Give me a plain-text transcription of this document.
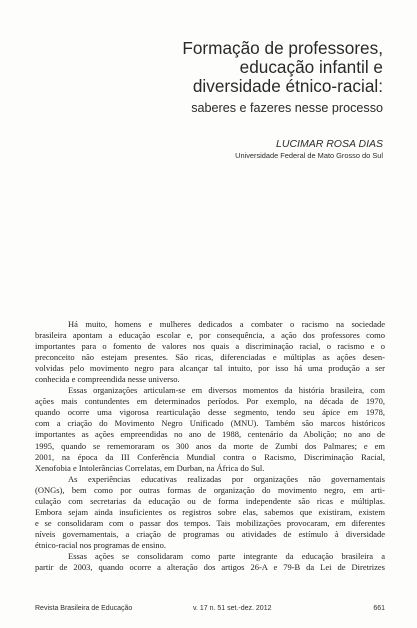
Formação de professores,
educação infantil e
diversidade étnico-racial:
saberes e fazeres nesse processo
LUCIMAR ROSA DIAS
Universidade Federal de Mato Grosso do Sul
Há muito, homens e mulheres dedicados a combater o racismo na sociedade
brasileira apontam a educação escolar e, por consequência, a ação dos professores como
importantes para o fomento de valores nos quais a discriminação racial, o racismo e o
preconceito não estejam presentes. São ricas, diferenciadas e múltiplas as ações desen-
volvidas pelo movimento negro para alcançar tal intuito, por isso há uma produção a ser
conhecida e compreendida nesse universo.
Essas organizações articulam-se em diversos momentos da história brasileira, com
ações mais contundentes em determinados períodos. Por exemplo, na década de 1970,
quando ocorre uma vigorosa rearticulação desse segmento, tendo seu ápice em 1978,
com a criação do Movimento Negro Unificado (MNU). Também são marcos históricos
importantes as ações empreendidas no ano de 1988, centenário da Abolição; no ano de
1995, quando se rememoraram os 300 anos da morte de Zumbi dos Palmares; e em
2001, na época da III Conferência Mundial contra o Racismo, Discriminação Racial,
Xenofobia e Intolerâncias Correlatas, em Durban, na África do Sul.
As experiências educativas realizadas por organizações não governamentais
(ONGs), bem como por outras formas de organização do movimento negro, em arti-
culação com secretarias da educação ou de forma independente são ricas e múltiplas.
Embora sejam ainda insuficientes os registros sobre elas, sabemos que existiram, existem
e se consolidaram com o passar dos tempos. Tais mobilizações provocaram, em diferentes
níveis governamentais, a criação de programas ou atividades de estímulo à diversidade
étnico-racial nos programas de ensino.
Essas ações se consolidaram como parte integrante da educação brasileira a
partir de 2003, quando ocorre a alteração dos artigos 26-A e 79-B da Lei de Diretrizes
Revista Brasileira de Educação	v. 17 n. 51 set.-dez. 2012	661
